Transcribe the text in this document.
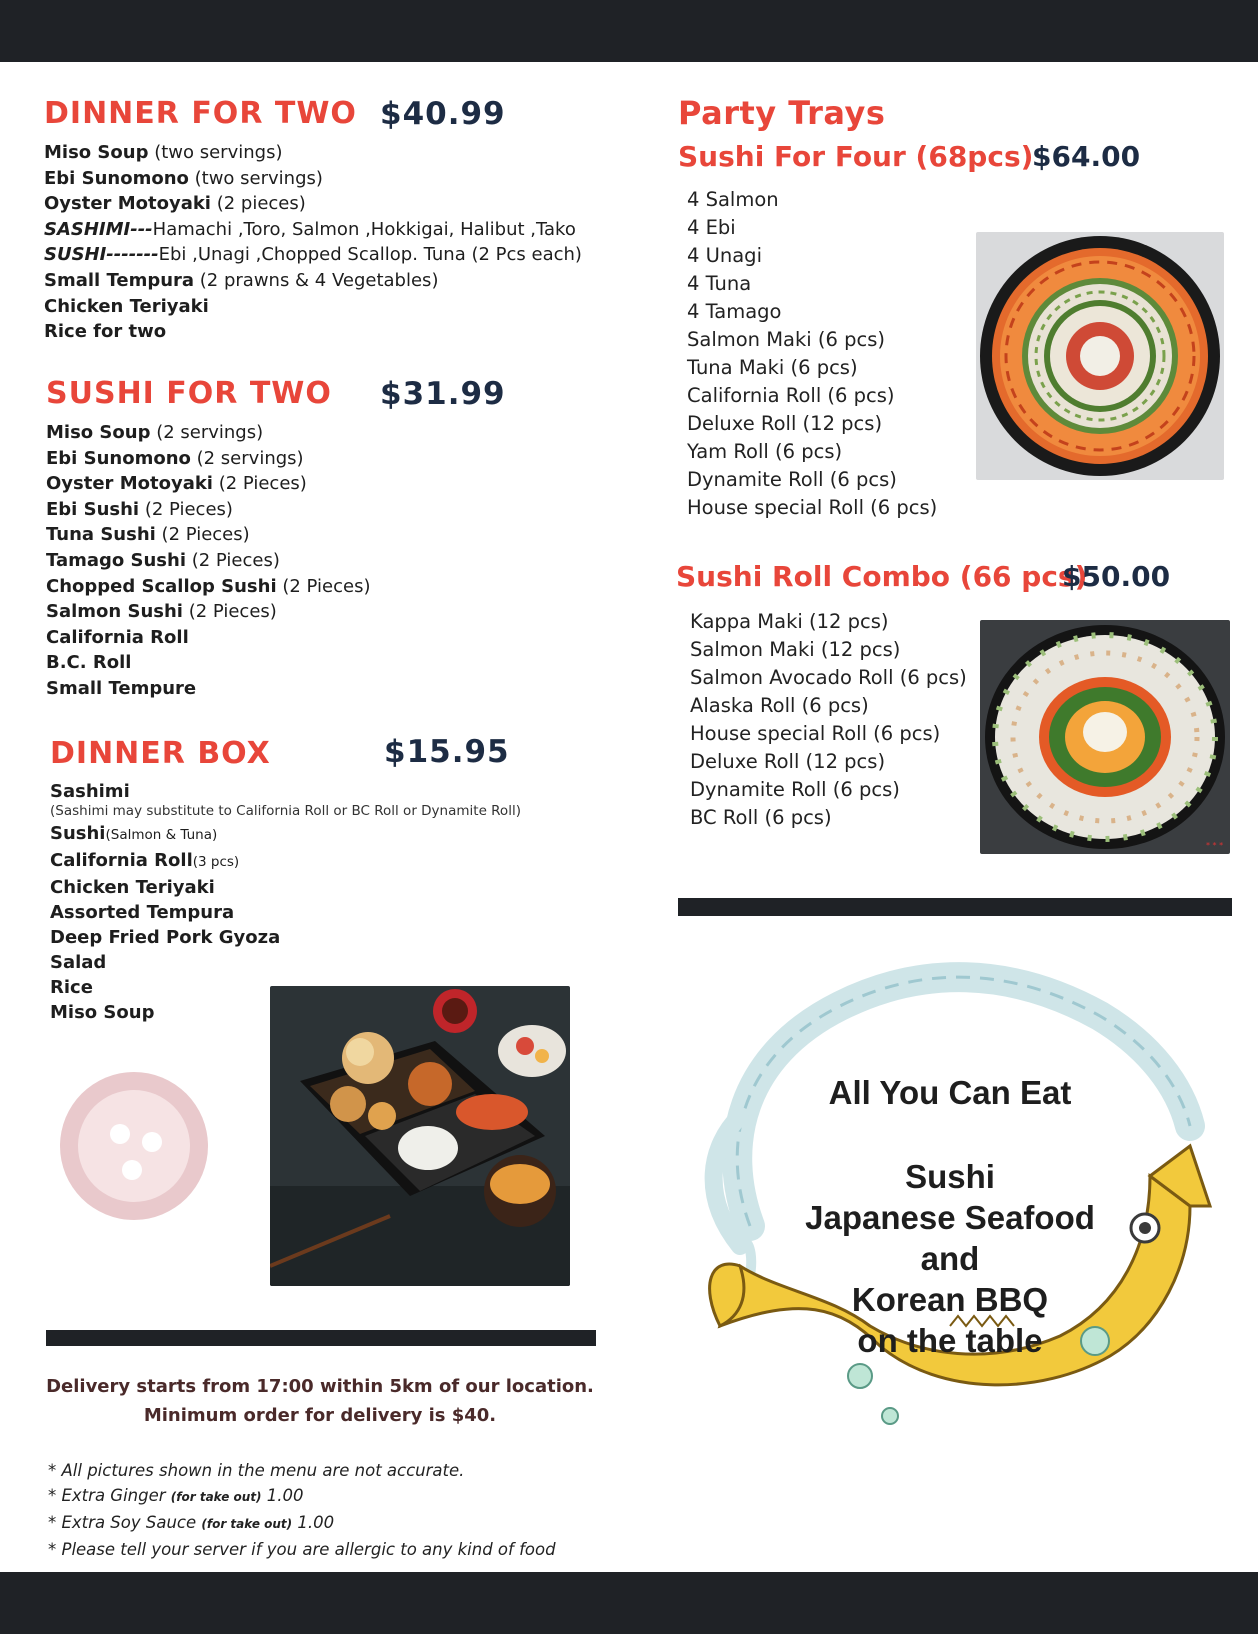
DINNER FOR TWO $40.99
Miso Soup (two servings)
Ebi Sunomono (two servings)
Oyster Motoyaki (2 pieces)
SASHIMI---Hamachi ,Toro, Salmon ,Hokkigai, Halibut ,Tako
SUSHI-------Ebi ,Unagi ,Chopped Scallop. Tuna (2 Pcs each)
Small Tempura (2 prawns & 4 Vegetables)
Chicken Teriyaki
Rice for two
SUSHI FOR TWO $31.99
Miso Soup (2 servings)
Ebi Sunomono (2 servings)
Oyster Motoyaki (2 Pieces)
Ebi Sushi (2 Pieces)
Tuna Sushi (2 Pieces)
Tamago Sushi (2 Pieces)
Chopped Scallop Sushi (2 Pieces)
Salmon Sushi (2 Pieces)
California Roll
B.C. Roll
Small Tempure
DINNER BOX	$15.95
Sashimi
(Sashimi may substitute to California Roll or BC Roll or Dynamite Roll)
Sushi(Salmon & Tuna)
California Roll(3 pcs)
Chicken Teriyaki
Assorted Tempura
Deep Fried Pork Gyoza
Salad
Rice
Miso Soup
Delivery starts from 17:00 within 5km of our location.
Minimum order for delivery is $40.
* All pictures shown in the menu are not accurate.
* Extra Ginger (for take out) 1.00
* Extra Soy Sauce (for take out) 1.00
* Please tell your server if you are allergic to any kind of food
Party Trays
Sushi For Four (68pcs)
$64.00
4 Salmon
4 Ebi
4 Unagi
4 Tuna
4 Tamago
Salmon Maki (6 pcs)
Tuna Maki (6 pcs)
California Roll (6 pcs)
Deluxe Roll (12 pcs)
Yam Roll (6 pcs)
Dynamite Roll (6 pcs)
House special Roll (6 pcs)
Sushi Roll Combo (66 pcs)
$50.00
Kappa Maki (12 pcs)
Salmon Maki (12 pcs)
Salmon Avocado Roll (6 pcs)
Alaska Roll (6 pcs)
House special Roll (6 pcs)
Deluxe Roll (12 pcs)
Dynamite Roll (6 pcs)
BC Roll (6 pcs)
* * *
All You Can Eat
Sushi
Japanese Seafood
and
Korean BBQ
on the table
